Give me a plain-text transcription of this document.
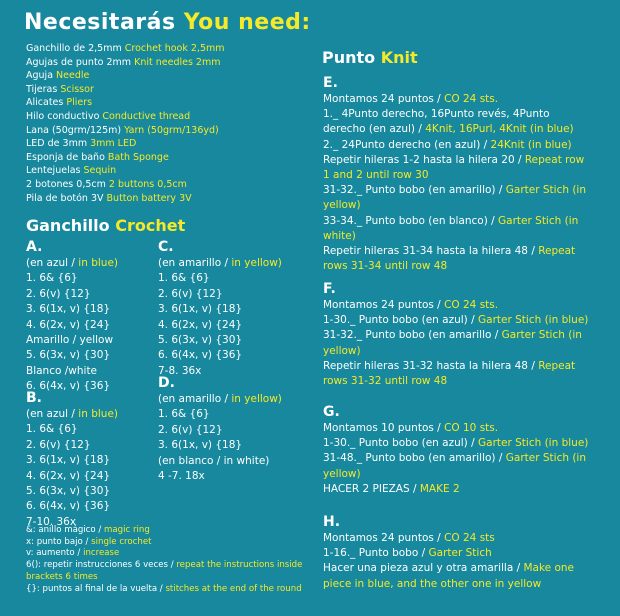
Necesitarás You need:
Ganchillo de 2,5mm Crochet hook 2,5mm
Agujas de punto 2mm Knit needles 2mm
Aguja Needle
Tijeras Scissor
Alicates Pliers
Hilo conductivo Conductive thread
Lana (50grm/125m) Yarn (50grm/136yd)
LED de 3mm 3mm LED
Esponja de baño Bath Sponge
Lentejuelas Sequin
2 botones 0,5cm 2 buttons 0,5cm
Pila de botón 3V Button battery 3V
Ganchillo Crochet
A.
(en azul / in blue)
1. 6& {6}
2. 6(v) {12}
3. 6(1x, v) {18}
4. 6(2x, v) {24}
Amarillo / yellow
5. 6(3x, v) {30}
Blanco /white
6. 6(4x, v) {36}
B.
(en azul / in blue)
1. 6& {6}
2. 6(v) {12}
3. 6(1x, v) {18}
4. 6(2x, v) {24}
5. 6(3x, v) {30}
6. 6(4x, v) {36}
7-10. 36x
C.
(en amarillo / in yellow)
1. 6& {6}
2. 6(v) {12}
3. 6(1x, v) {18}
4. 6(2x, v) {24}
5. 6(3x, v) {30}
6. 6(4x, v) {36}
7-8. 36x
D.
(en amarillo / in yellow)
1. 6& {6}
2. 6(v) {12}
3. 6(1x, v) {18}
(en blanco / in white)
4 -7. 18x
&: anillo mágico / magic ring
x: punto bajo / single crochet
v: aumento / increase
6(): repetir instrucciones 6 veces / repeat the instructions inside brackets 6 times
{}: puntos al final de la vuelta / stitches at the end of the round
Punto Knit
E.
Montamos 24 puntos / CO 24 sts.
1._ 4Punto derecho, 16Punto revés, 4Punto derecho (en azul) / 4Knit, 16Purl, 4Knit (in blue)
2._ 24Punto derecho (en azul) / 24Knit (in blue)
Repetir hileras 1-2 hasta la hilera 20 / Repeat row 1 and 2 until row 30
31-32._ Punto bobo (en amarillo) / Garter Stich (in yellow)
33-34._ Punto bobo (en blanco) / Garter Stich (in white)
Repetir hileras 31-34 hasta la hilera 48 / Repeat rows 31-34 until row 48
F.
Montamos 24 puntos / CO 24 sts.
1-30._ Punto bobo (en azul) / Garter Stich (in blue)
31-32._ Punto bobo (en amarillo / Garter Stich (in yellow)
Repetir hileras 31-32 hasta la hilera 48 / Repeat rows 31-32 until row 48
G.
Montamos 10 puntos / CO 10 sts.
1-30._ Punto bobo (en azul) / Garter Stich (in blue)
31-48._ Punto bobo (en amarillo) / Garter Stich (in yellow)
HACER 2 PIEZAS / MAKE 2
H.
Montamos 24 puntos / CO 24 sts
1-16._ Punto bobo / Garter Stich
Hacer una pieza azul y otra amarilla / Make one piece in blue, and the other one in yellow
